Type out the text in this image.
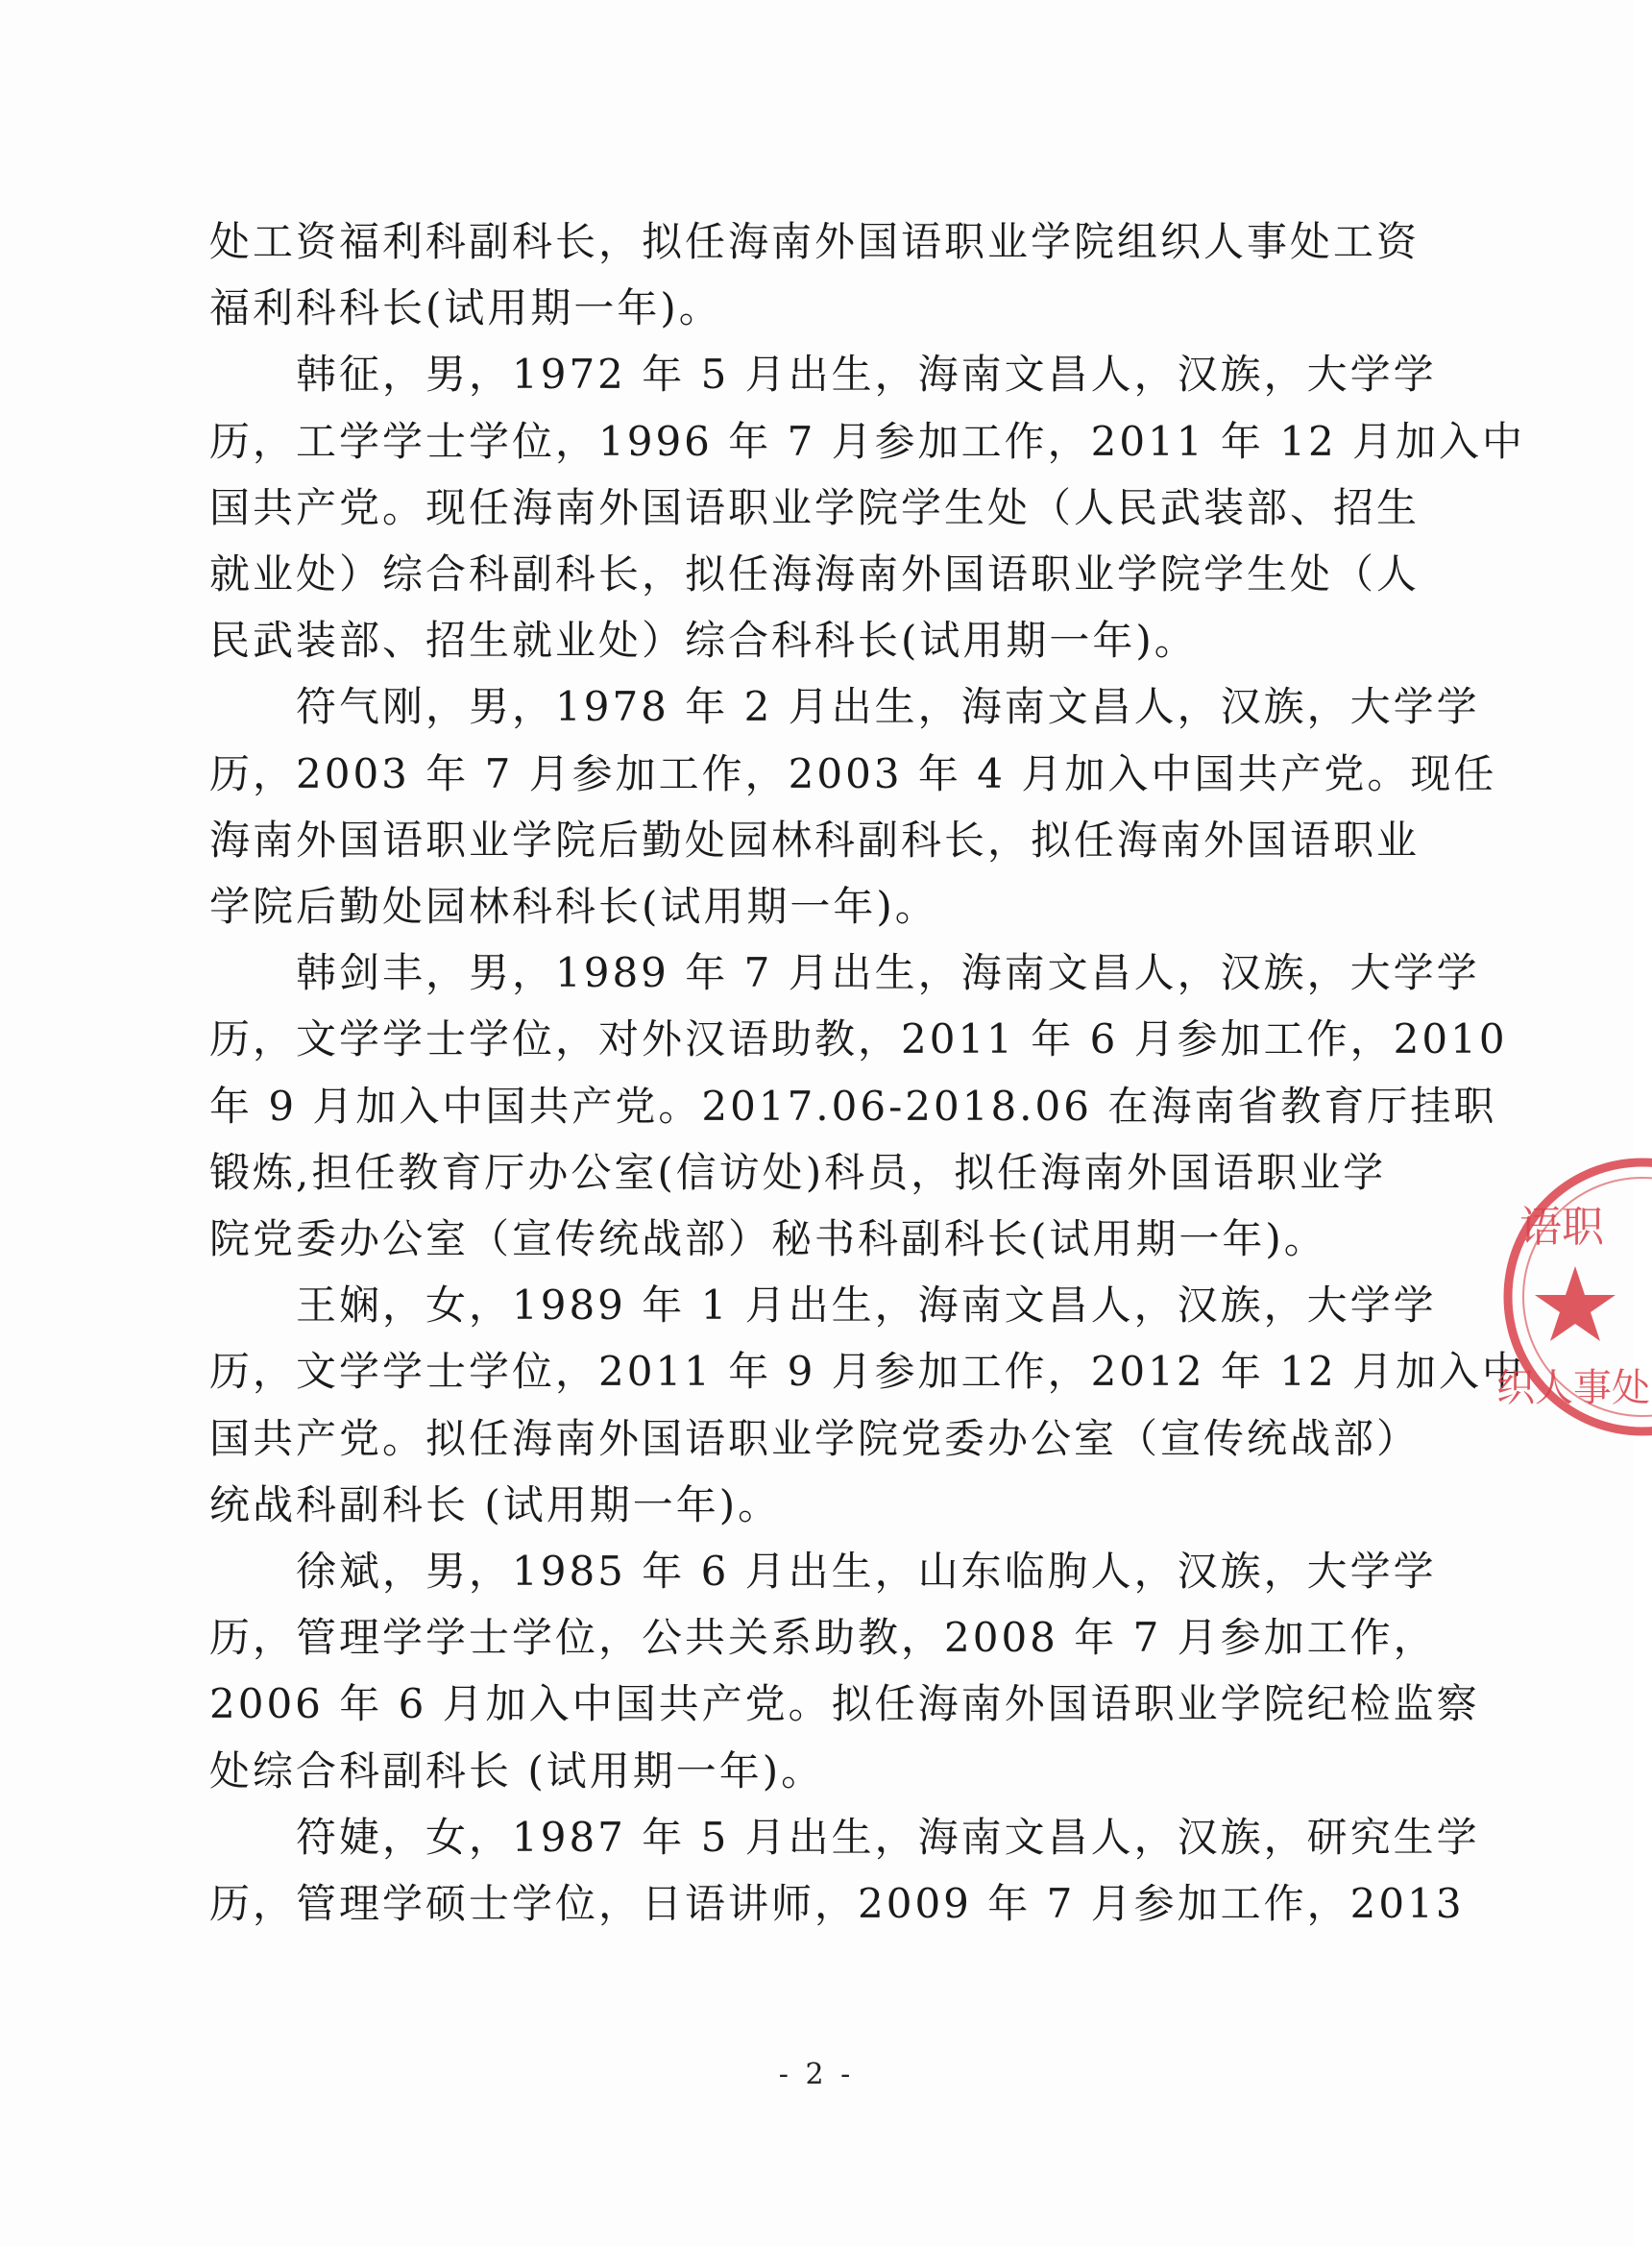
处工资福利科副科长，拟任海南外国语职业学院组织人事处工资
福利科科长(试用期一年)。
韩征，男，1972 年 5 月出生，海南文昌人，汉族，大学学
历，工学学士学位，1996 年 7 月参加工作，2011 年 12 月加入中
国共产党。现任海南外国语职业学院学生处（人民武装部、招生
就业处）综合科副科长，拟任海海南外国语职业学院学生处（人
民武装部、招生就业处）综合科科长(试用期一年)。
符气刚，男，1978 年 2 月出生，海南文昌人，汉族，大学学
历，2003 年 7 月参加工作，2003 年 4 月加入中国共产党。现任
海南外国语职业学院后勤处园林科副科长，拟任海南外国语职业
学院后勤处园林科科长(试用期一年)。
韩剑丰，男，1989 年 7 月出生，海南文昌人，汉族，大学学
历，文学学士学位，对外汉语助教，2011 年 6 月参加工作，2010
年 9 月加入中国共产党。2017.06-2018.06 在海南省教育厅挂职
锻炼,担任教育厅办公室(信访处)科员，拟任海南外国语职业学
院党委办公室（宣传统战部）秘书科副科长(试用期一年)。
王娴，女，1989 年 1 月出生，海南文昌人，汉族，大学学
历，文学学士学位，2011 年 9 月参加工作，2012 年 12 月加入中
国共产党。拟任海南外国语职业学院党委办公室（宣传统战部）
统战科副科长 (试用期一年)。
徐斌，男，1985 年 6 月出生，山东临朐人，汉族，大学学
历，管理学学士学位，公共关系助教，2008 年 7 月参加工作，
2006 年 6 月加入中国共产党。拟任海南外国语职业学院纪检监察
处综合科副科长 (试用期一年)。
符婕，女，1987 年 5 月出生，海南文昌人，汉族，研究生学
历，管理学硕士学位，日语讲师，2009 年 7 月参加工作，2013
- 2 -
语职
织人事处
